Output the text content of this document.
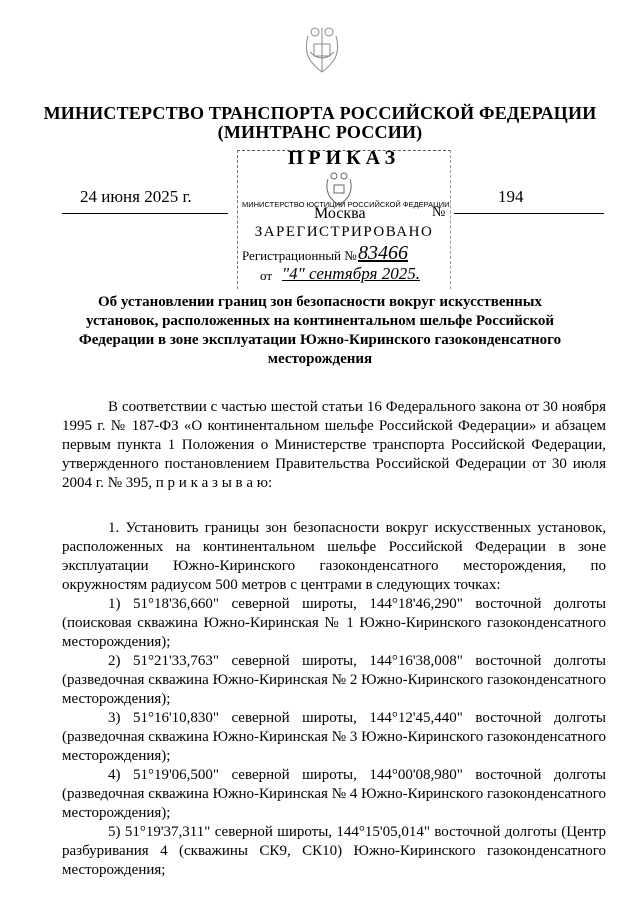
МИНИСТЕРСТВО ТРАНСПОРТА РОССИЙСКОЙ ФЕДЕРАЦИИ
(МИНТРАНС РОССИИ)
ПРИКАЗ
МИНИСТЕРСТВО ЮСТИЦИИ РОССИЙСКОЙ ФЕДЕРАЦИИ
Москва	№
ЗАРЕГИСТРИРОВАНО
Регистрационный № 83466
от "4" сентября 2025.
24 июня 2025 г.	194
Об установлении границ зон безопасности вокруг искусственных установок, расположенных на континентальном шельфе Российской Федерации в зоне эксплуатации Южно-Киринского газоконденсатного месторождения

В соответствии с частью шестой статьи 16 Федерального закона от 30 ноября 1995 г. № 187-ФЗ «О континентальном шельфе Российской Федерации» и абзацем первым пункта 1 Положения о Министерстве транспорта Российской Федерации, утвержденного постановлением Правительства Российской Федерации от 30 июля 2004 г. № 395, п р и к а з ы в а ю:

1. Установить границы зон безопасности вокруг искусственных установок, расположенных на континентальном шельфе Российской Федерации в зоне эксплуатации Южно-Киринского газоконденсатного месторождения, по окружностям радиусом 500 метров с центрами в следующих точках:

1) 51°18'36,660" северной широты, 144°18'46,290" восточной долготы (поисковая скважина Южно-Киринская № 1 Южно-Киринского газоконденсатного месторождения);

2) 51°21'33,763" северной широты, 144°16'38,008" восточной долготы (разведочная скважина Южно-Киринская № 2 Южно-Киринского газоконденсатного месторождения);

3) 51°16'10,830" северной широты, 144°12'45,440" восточной долготы (разведочная скважина Южно-Киринская № 3 Южно-Киринского газоконденсатного месторождения);

4) 51°19'06,500" северной широты, 144°00'08,980" восточной долготы (разведочная скважина Южно-Киринская № 4 Южно-Киринского газоконденсатного месторождения);

5) 51°19'37,311" северной широты, 144°15'05,014" восточной долготы (Центр разбуривания 4 (скважины СК9, СК10) Южно-Киринского газоконденсатного месторождения;
